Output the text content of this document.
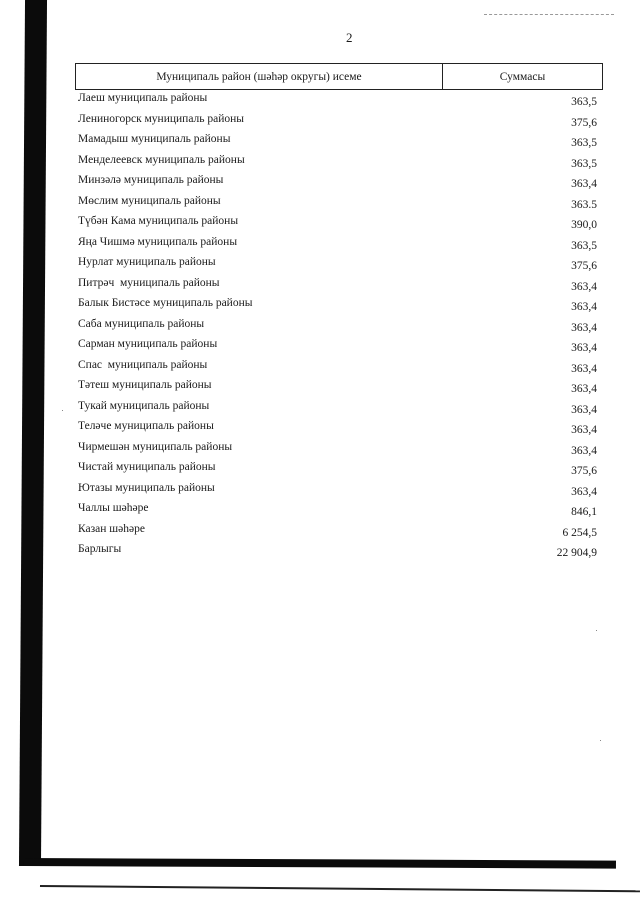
2
Муниципаль район (шәһәр округы) исеме	Суммасы
Лаеш муниципаль районы	363,5
Лениногорск муниципаль районы	375,6
Мамадыш муниципаль районы	363,5
Менделеевск муниципаль районы	363,5
Минзәлә муниципаль районы	363,4
Мөслим муниципаль районы	363.5
Түбән Кама муниципаль районы	390,0
Яңа Чишмә муниципаль районы	363,5
Нурлат муниципаль районы	375,6
Питрәч  муниципаль районы	363,4
Балык Бистәсе муниципаль районы	363,4
Саба муниципаль районы	363,4
Сарман муниципаль районы	363,4
Спас  муниципаль районы	363,4
Тәтеш муниципаль районы	363,4
Тукай муниципаль районы	363,4
Теләче муниципаль районы	363,4
Чирмешән муниципаль районы	363,4
Чистай муниципаль районы	375,6
Ютазы муниципаль районы	363,4
Чаллы шәһәре	846,1
Казан шәһәре	6 254,5
Барлыгы	22 904,9
